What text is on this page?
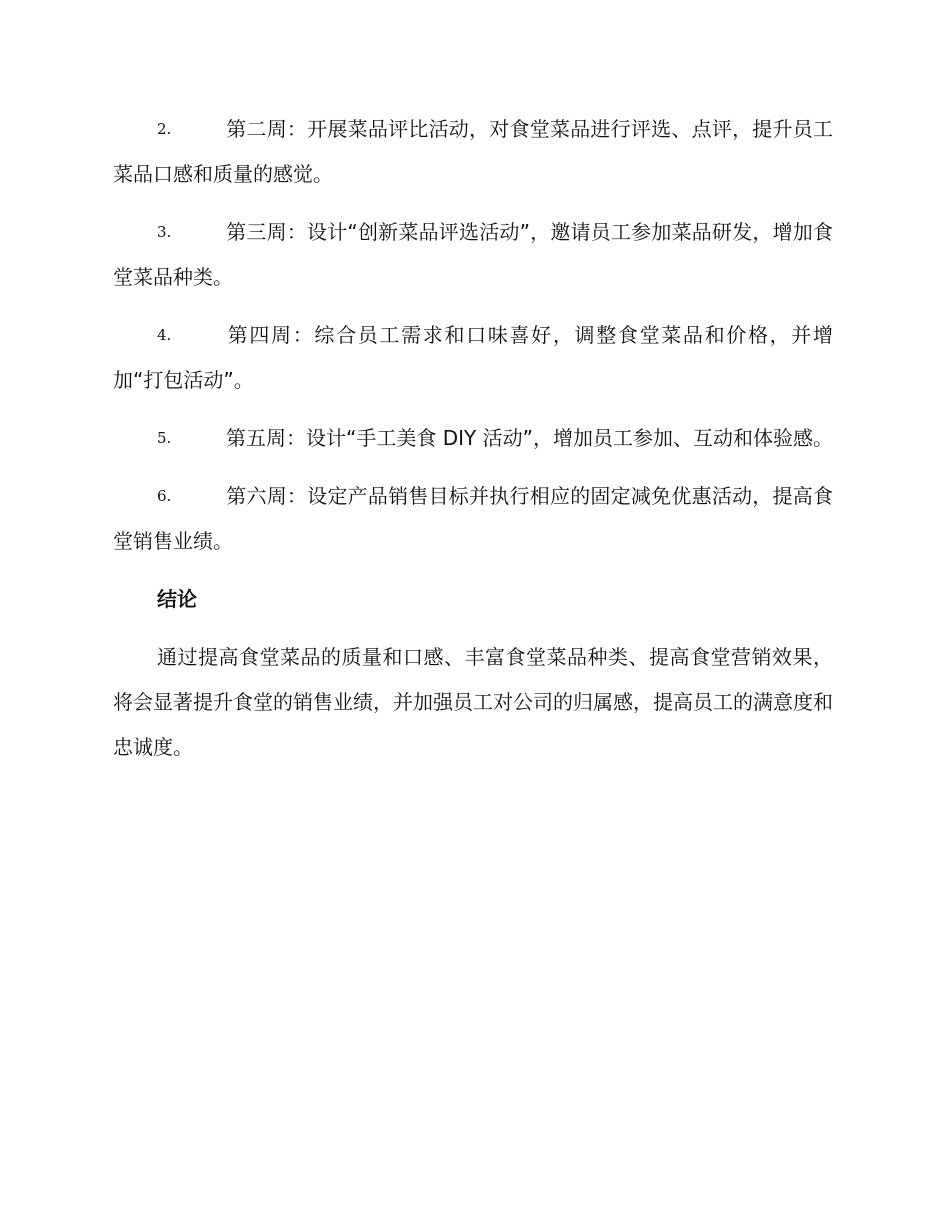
2.	第二周：开展菜品评比活动，对食堂菜品进行评选、点评，提升员工菜品口感和质量的感觉。
3.	第三周：设计“创新菜品评选活动”，邀请员工参加菜品研发，增加食堂菜品种类。
4.	第四周：综合员工需求和口味喜好，调整食堂菜品和价格，并增加“打包活动”。
5.	第五周：设计“手工美食 DIY 活动”，增加员工参加、互动和体验感。
6.	第六周：设定产品销售目标并执行相应的固定减免优惠活动，提高食堂销售业绩。
结论

通过提高食堂菜品的质量和口感、丰富食堂菜品种类、提高食堂营销效果，将会显著提升食堂的销售业绩，并加强员工对公司的归属感，提高员工的满意度和忠诚度。
